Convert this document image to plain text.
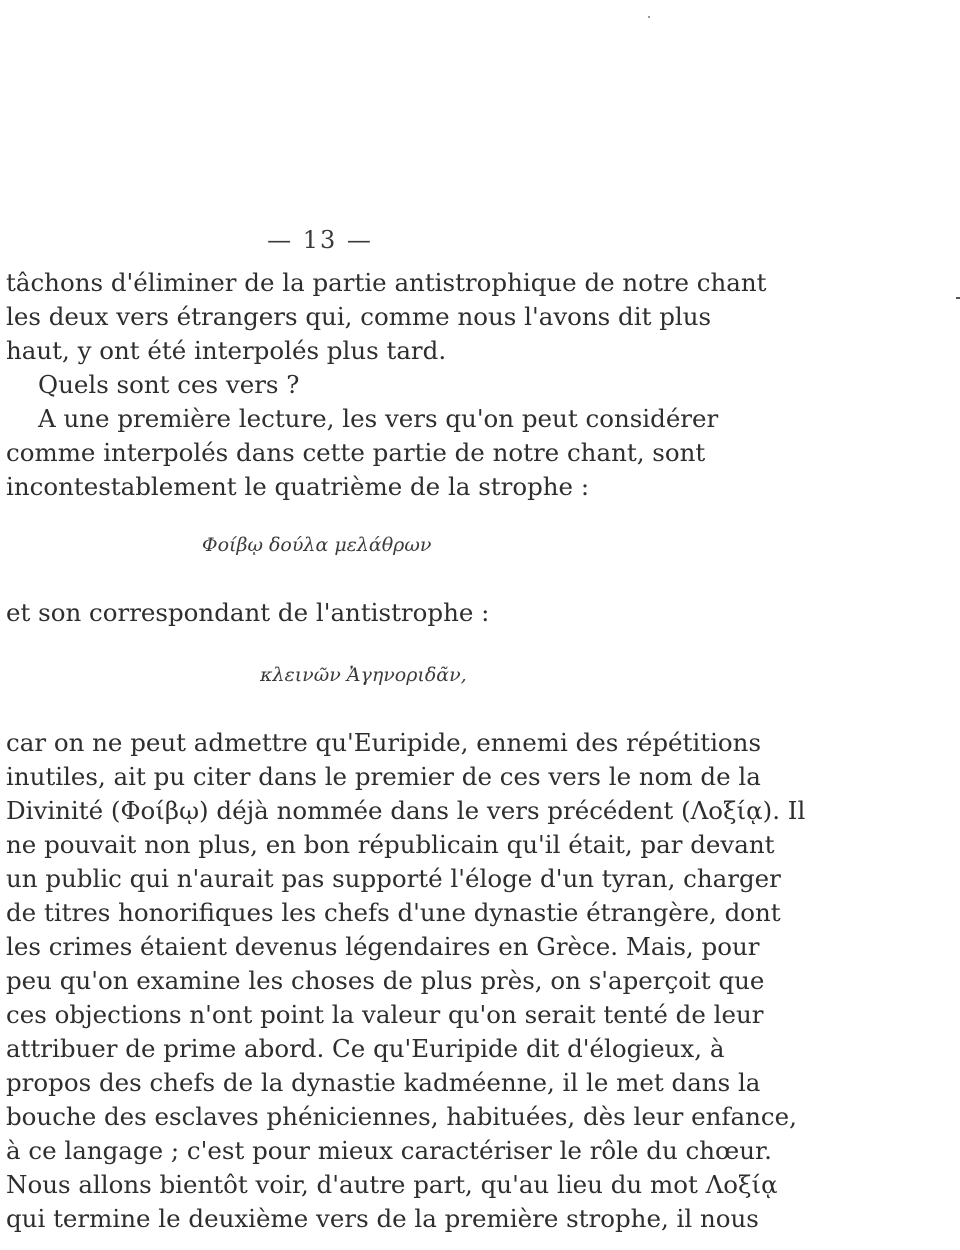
— 13 —
tâchons d'éliminer de la partie antistrophique de notre chant
les deux vers étrangers qui, comme nous l'avons dit plus
haut, y ont été interpolés plus tard.
Quels sont ces vers ?
A une première lecture, les vers qu'on peut considérer
comme interpolés dans cette partie de notre chant, sont
incontestablement le quatrième de la strophe :
Φοίβῳ δούλα μελάθρων
et son correspondant de l'antistrophe :
κλεινῶν Ἀγηνοριδᾶν,
car on ne peut admettre qu'Euripide, ennemi des répétitions
inutiles, ait pu citer dans le premier de ces vers le nom de la
Divinité (Φοίβῳ) déjà nommée dans le vers précédent (Λοξίᾳ). Il
ne pouvait non plus, en bon républicain qu'il était, par devant
un public qui n'aurait pas supporté l'éloge d'un tyran, charger
de titres honorifiques les chefs d'une dynastie étrangère, dont
les crimes étaient devenus légendaires en Grèce. Mais, pour
peu qu'on examine les choses de plus près, on s'aperçoit que
ces objections n'ont point la valeur qu'on serait tenté de leur
attribuer de prime abord. Ce qu'Euripide dit d'élogieux, à
propos des chefs de la dynastie kadméenne, il le met dans la
bouche des esclaves phéniciennes, habituées, dès leur enfance,
à ce langage ; c'est pour mieux caractériser le rôle du chœur.
Nous allons bientôt voir, d'autre part, qu'au lieu du mot Λοξίᾳ
qui termine le deuxième vers de la première strophe, il nous
